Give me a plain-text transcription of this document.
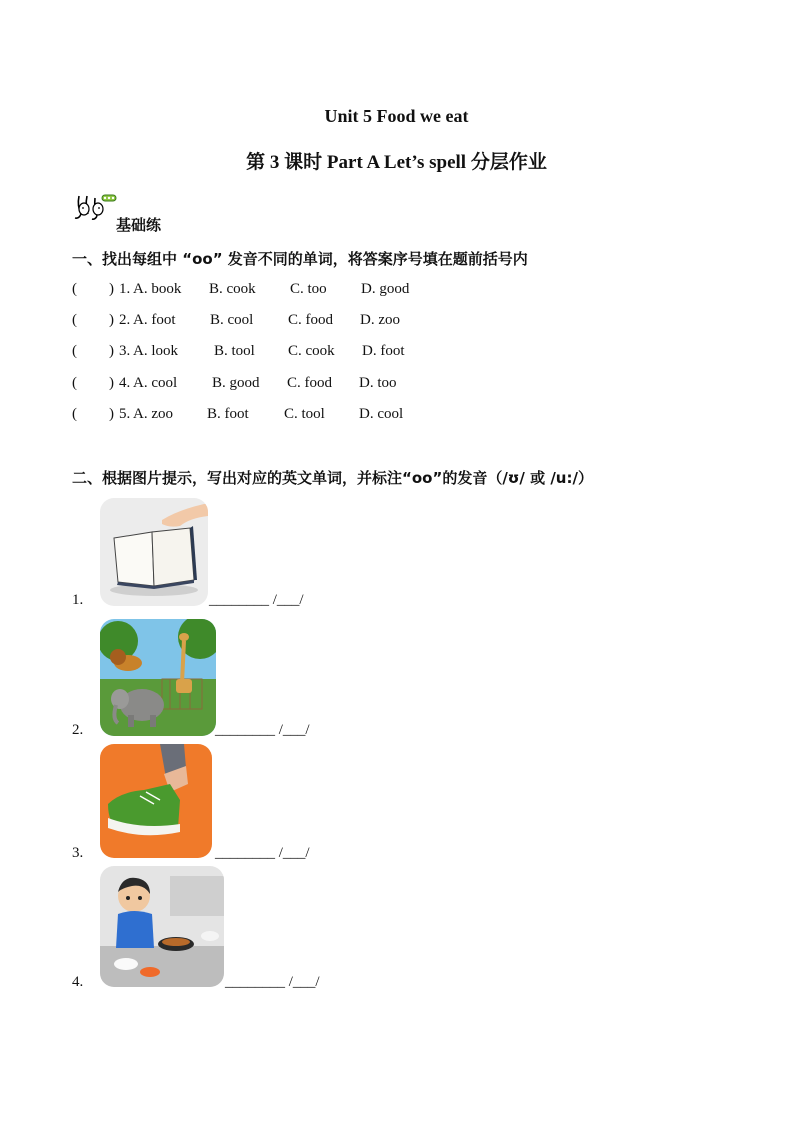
Unit 5 Food we eat
第 3 课时 Part A Let’s spell 分层作业
基础练
一、找出每组中 “oo” 发音不同的单词，将答案序号填在题前括号内
( ) 1. A. book B. cook C. too D. good
( ) 2. A. foot B. cool C. food D. zoo
( ) 3. A. look B. tool C. cook D. foot
( ) 4. A. cool B. good C. food D. too
( ) 5. A. zoo B. foot C. tool D. cool
二、根据图片提示，写出对应的英文单词，并标注“oo”的发音（/ʊ/ 或 /u:/）
1.	________ /___/
2.	________ /___/
3.	________ /___/
4.	________ /___/
